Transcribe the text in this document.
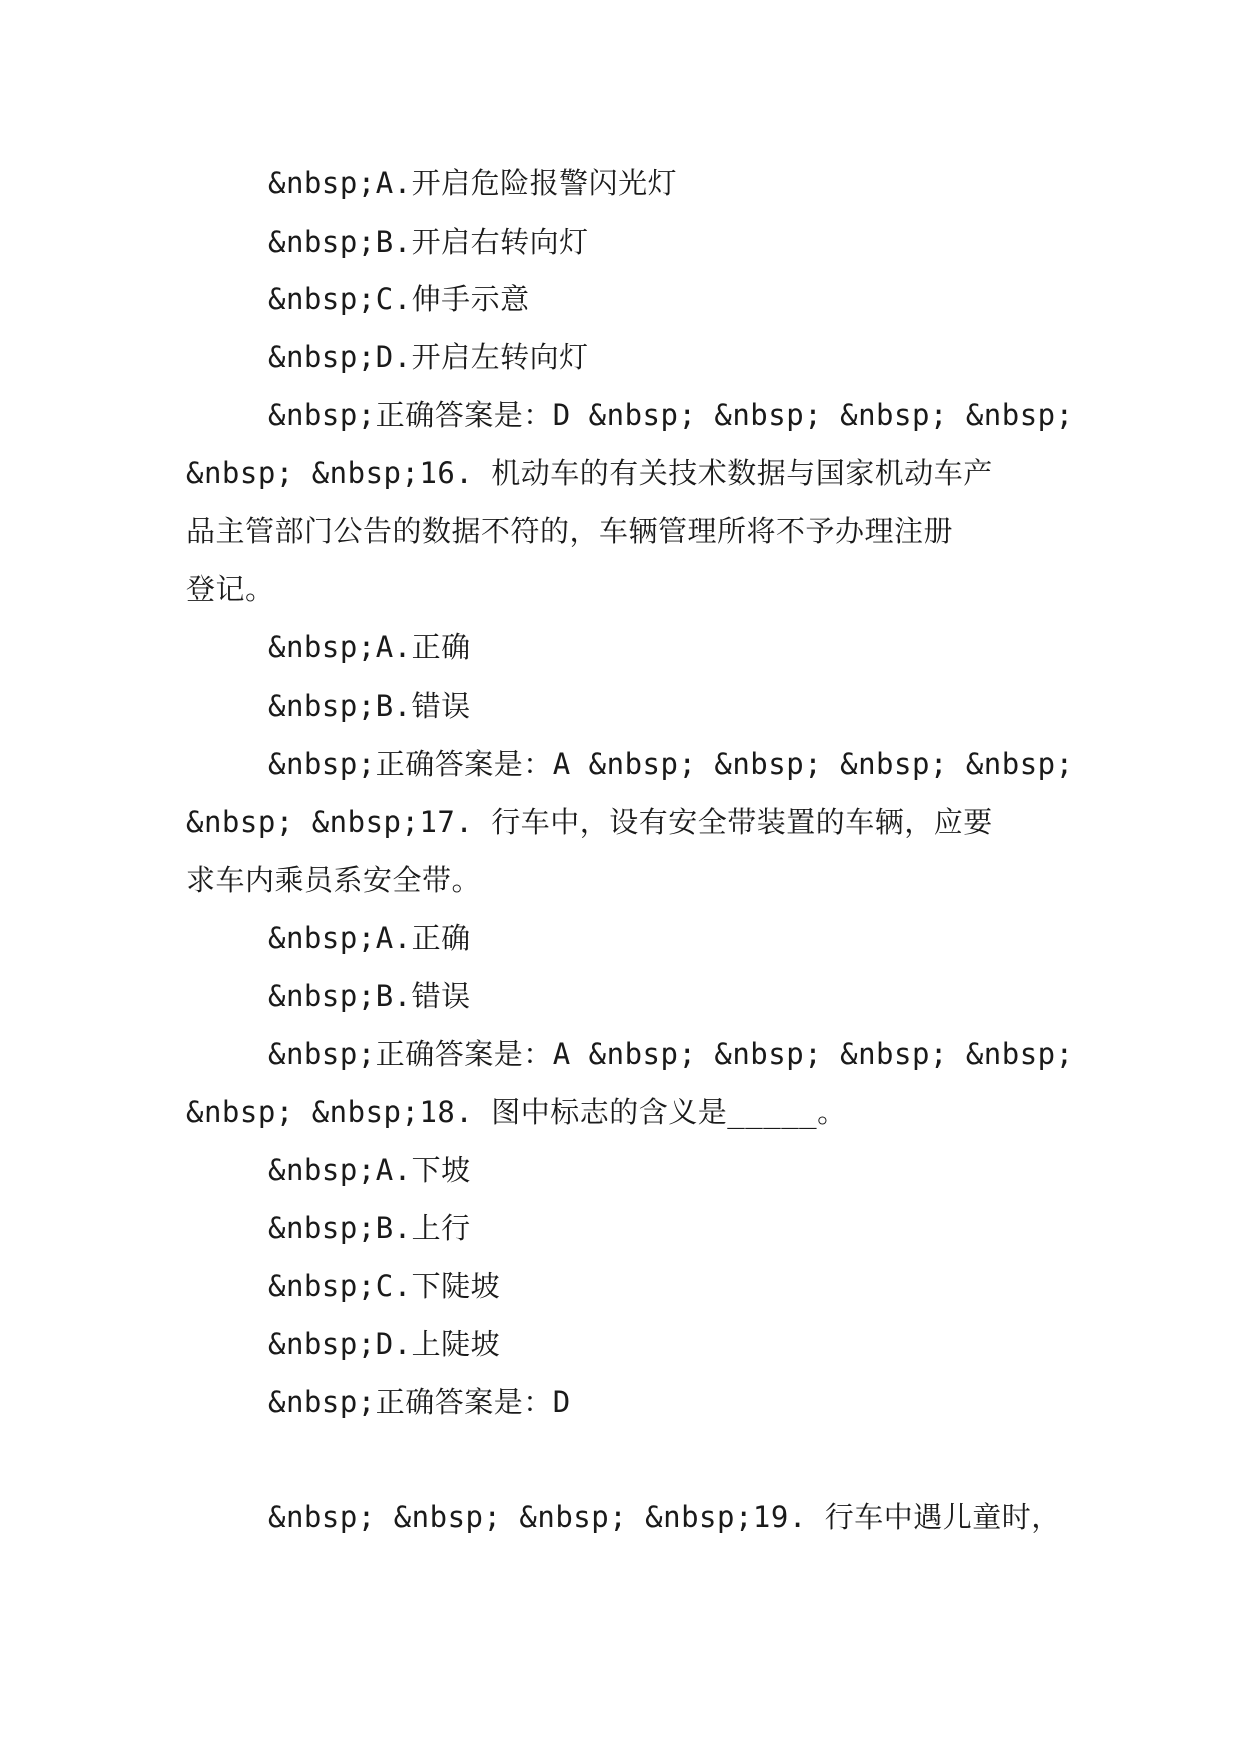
&nbsp;A.开启危险报警闪光灯

&nbsp;B.开启右转向灯

&nbsp;C.伸手示意

&nbsp;D.开启左转向灯

&nbsp;正确答案是：D &nbsp; &nbsp; &nbsp; &nbsp;

&nbsp; &nbsp;16. 机动车的有关技术数据与国家机动车产

品主管部门公告的数据不符的，车辆管理所将不予办理注册

登记。

&nbsp;A.正确

&nbsp;B.错误

&nbsp;正确答案是：A &nbsp; &nbsp; &nbsp; &nbsp;

&nbsp; &nbsp;17. 行车中，设有安全带装置的车辆，应要

求车内乘员系安全带。

&nbsp;A.正确

&nbsp;B.错误

&nbsp;正确答案是：A &nbsp; &nbsp; &nbsp; &nbsp;

&nbsp; &nbsp;18. 图中标志的含义是_____。

&nbsp;A.下坡

&nbsp;B.上行

&nbsp;C.下陡坡

&nbsp;D.上陡坡

&nbsp;正确答案是：D

&nbsp; &nbsp; &nbsp; &nbsp;19. 行车中遇儿童时，
